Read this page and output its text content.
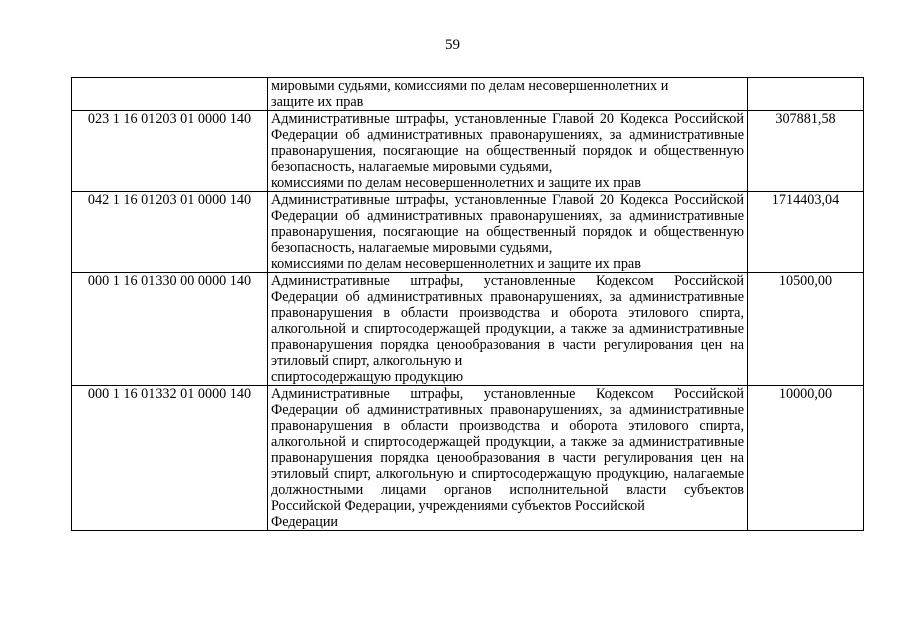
59
	мировыми судьями, комиссиями по делам несовершеннолетних и
защите их прав	

023 1 16 01203 01 0000 140	Административные штрафы, установленные Главой 20 Кодекса Российской Федерации об административных правонарушениях, за административные правонарушения, посягающие на общественный порядок и общественную безопасность, налагаемые мировыми судьями,
комиссиями по делам несовершеннолетних и защите их прав	307881,58
042 1 16 01203 01 0000 140	Административные штрафы, установленные Главой 20 Кодекса Российской Федерации об административных правонарушениях, за административные правонарушения, посягающие на общественный порядок и общественную безопасность, налагаемые мировыми судьями,
комиссиями по делам несовершеннолетних и защите их прав	1714403,04
000 1 16 01330 00 0000 140	Административные штрафы, установленные Кодексом Российской Федерации об административных правонарушениях, за административные правонарушения в области производства и оборота этилового спирта, алкогольной и спиртосодержащей продукции, а также за административные правонарушения порядка ценообразования в части регулирования цен на этиловый спирт, алкогольную и
спиртосодержащую продукцию	10500,00
000 1 16 01332 01 0000 140	Административные штрафы, установленные Кодексом Российской Федерации об административных правонарушениях, за административные правонарушения в области производства и оборота этилового спирта, алкогольной и спиртосодержащей продукции, а также за административные правонарушения порядка ценообразования в части регулирования цен на этиловый спирт, алкогольную и спиртосодержащую продукцию, налагаемые должностными лицами органов исполнительной власти субъектов Российской Федерации, учреждениями субъектов Российской
Федерации	10000,00
